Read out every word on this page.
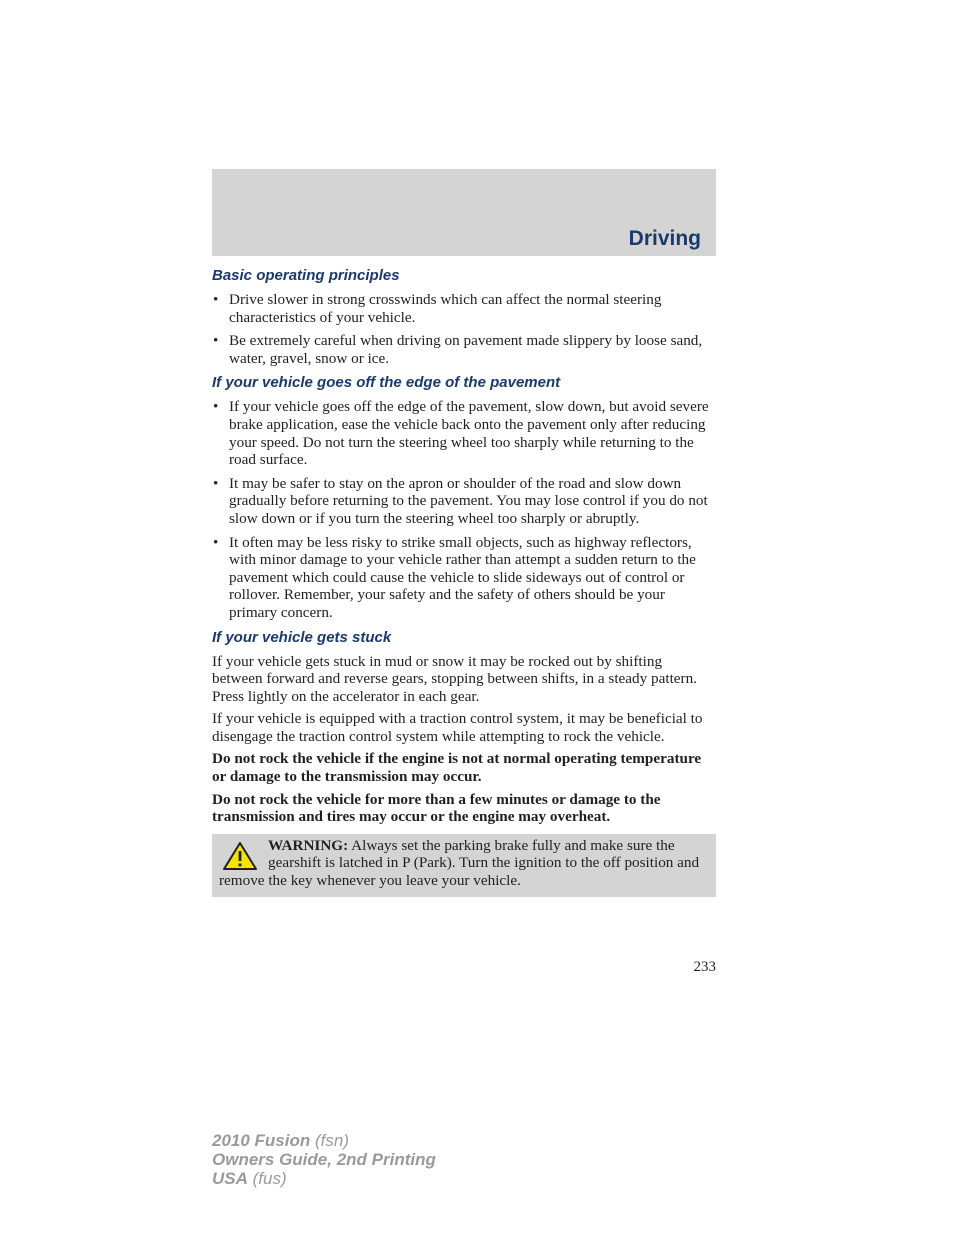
Driving
Basic operating principles
• Drive slower in strong crosswinds which can affect the normal steering characteristics of your vehicle.
• Be extremely careful when driving on pavement made slippery by loose sand, water, gravel, snow or ice.
If your vehicle goes off the edge of the pavement
• If your vehicle goes off the edge of the pavement, slow down, but avoid severe brake application, ease the vehicle back onto the pavement only after reducing your speed. Do not turn the steering wheel too sharply while returning to the road surface.
• It may be safer to stay on the apron or shoulder of the road and slow down gradually before returning to the pavement. You may lose control if you do not slow down or if you turn the steering wheel too sharply or abruptly.
• It often may be less risky to strike small objects, such as highway reflectors, with minor damage to your vehicle rather than attempt a sudden return to the pavement which could cause the vehicle to slide sideways out of control or rollover. Remember, your safety and the safety of others should be your primary concern.
If your vehicle gets stuck

If your vehicle gets stuck in mud or snow it may be rocked out by shifting between forward and reverse gears, stopping between shifts, in a steady pattern. Press lightly on the accelerator in each gear.

If your vehicle is equipped with a traction control system, it may be beneficial to disengage the traction control system while attempting to rock the vehicle.

Do not rock the vehicle if the engine is not at normal operating temperature or damage to the transmission may occur.

Do not rock the vehicle for more than a few minutes or damage to the transmission and tires may occur or the engine may overheat.

WARNING: Always set the parking brake fully and make sure the gearshift is latched in P (Park). Turn the ignition to the off position and remove the key whenever you leave your vehicle.
233
2010 Fusion (fsn)
Owners Guide, 2nd Printing
USA (fus)
